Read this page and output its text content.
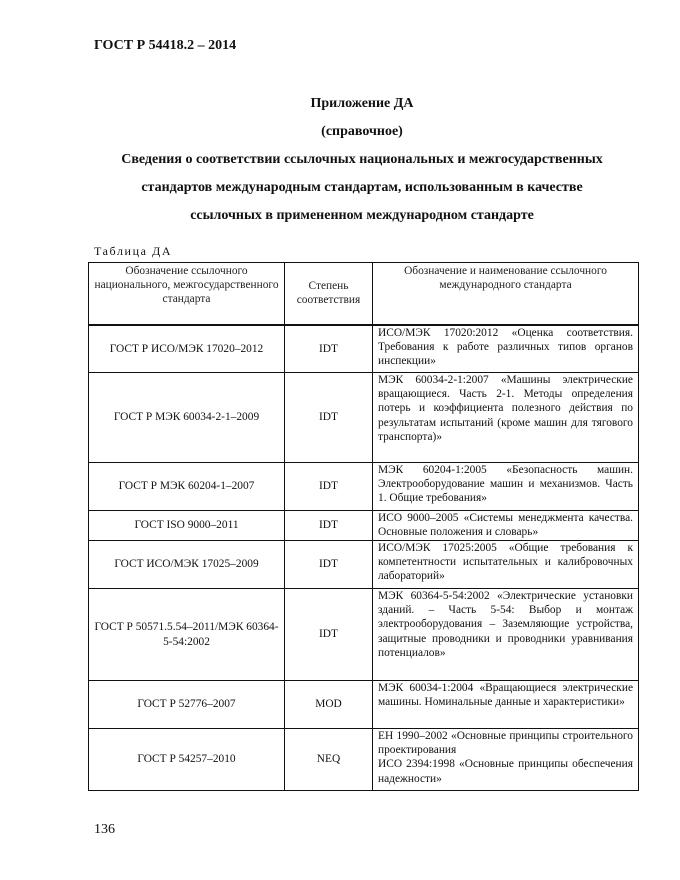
ГОСТ Р 54418.2 – 2014
Приложение ДА
(справочное)
Сведения о соответствии ссылочных национальных и межгосударственных
стандартов международным стандартам, использованным в качестве
ссылочных в примененном международном стандарте
Таблица ДА
Обозначение ссылочного национального, межгосударственного стандарта	Степень соответствия	Обозначение и наименование ссылочного международного стандарта
ГОСТ Р ИСО/МЭК 17020–2012	IDT	ИСО/МЭК 17020:2012 «Оценка соответствия. Требования к работе различных типов органов инспекции»
ГОСТ Р МЭК 60034-2-1–2009	IDT	МЭК 60034-2-1:2007 «Машины электрические вращающиеся. Часть 2-1. Методы определения потерь и коэффициента полезного действия по результатам испытаний (кроме машин для тягового транспорта)»
ГОСТ Р МЭК 60204-1–2007	IDT	МЭК 60204-1:2005 «Безопасность машин. Электрооборудование машин и механизмов. Часть 1. Общие требования»
ГОСТ ISO 9000–2011	IDT	ИСО 9000–2005 «Системы менеджмента качества. Основные положения и словарь»
ГОСТ ИСО/МЭК 17025–2009	IDT	ИСО/МЭК 17025:2005 «Общие требования к компетентности испытательных и калибровочных лабораторий»
ГОСТ Р 50571.5.54–2011/МЭК 60364-5-54:2002	IDT	МЭК 60364-5-54:2002 «Электрические установки зданий. – Часть 5-54: Выбор и монтаж электрооборудования – Заземляющие устройства, защитные проводники и проводники уравнивания потенциалов»
ГОСТ Р 52776–2007	MOD	МЭК 60034-1:2004 «Вращающиеся электрические машины. Номинальные данные и характеристики»
ГОСТ Р 54257–2010	NEQ	ЕН 1990–2002 «Основные принципы строительного проектирования
ИСО 2394:1998 «Основные принципы обеспечения надежности»
136
